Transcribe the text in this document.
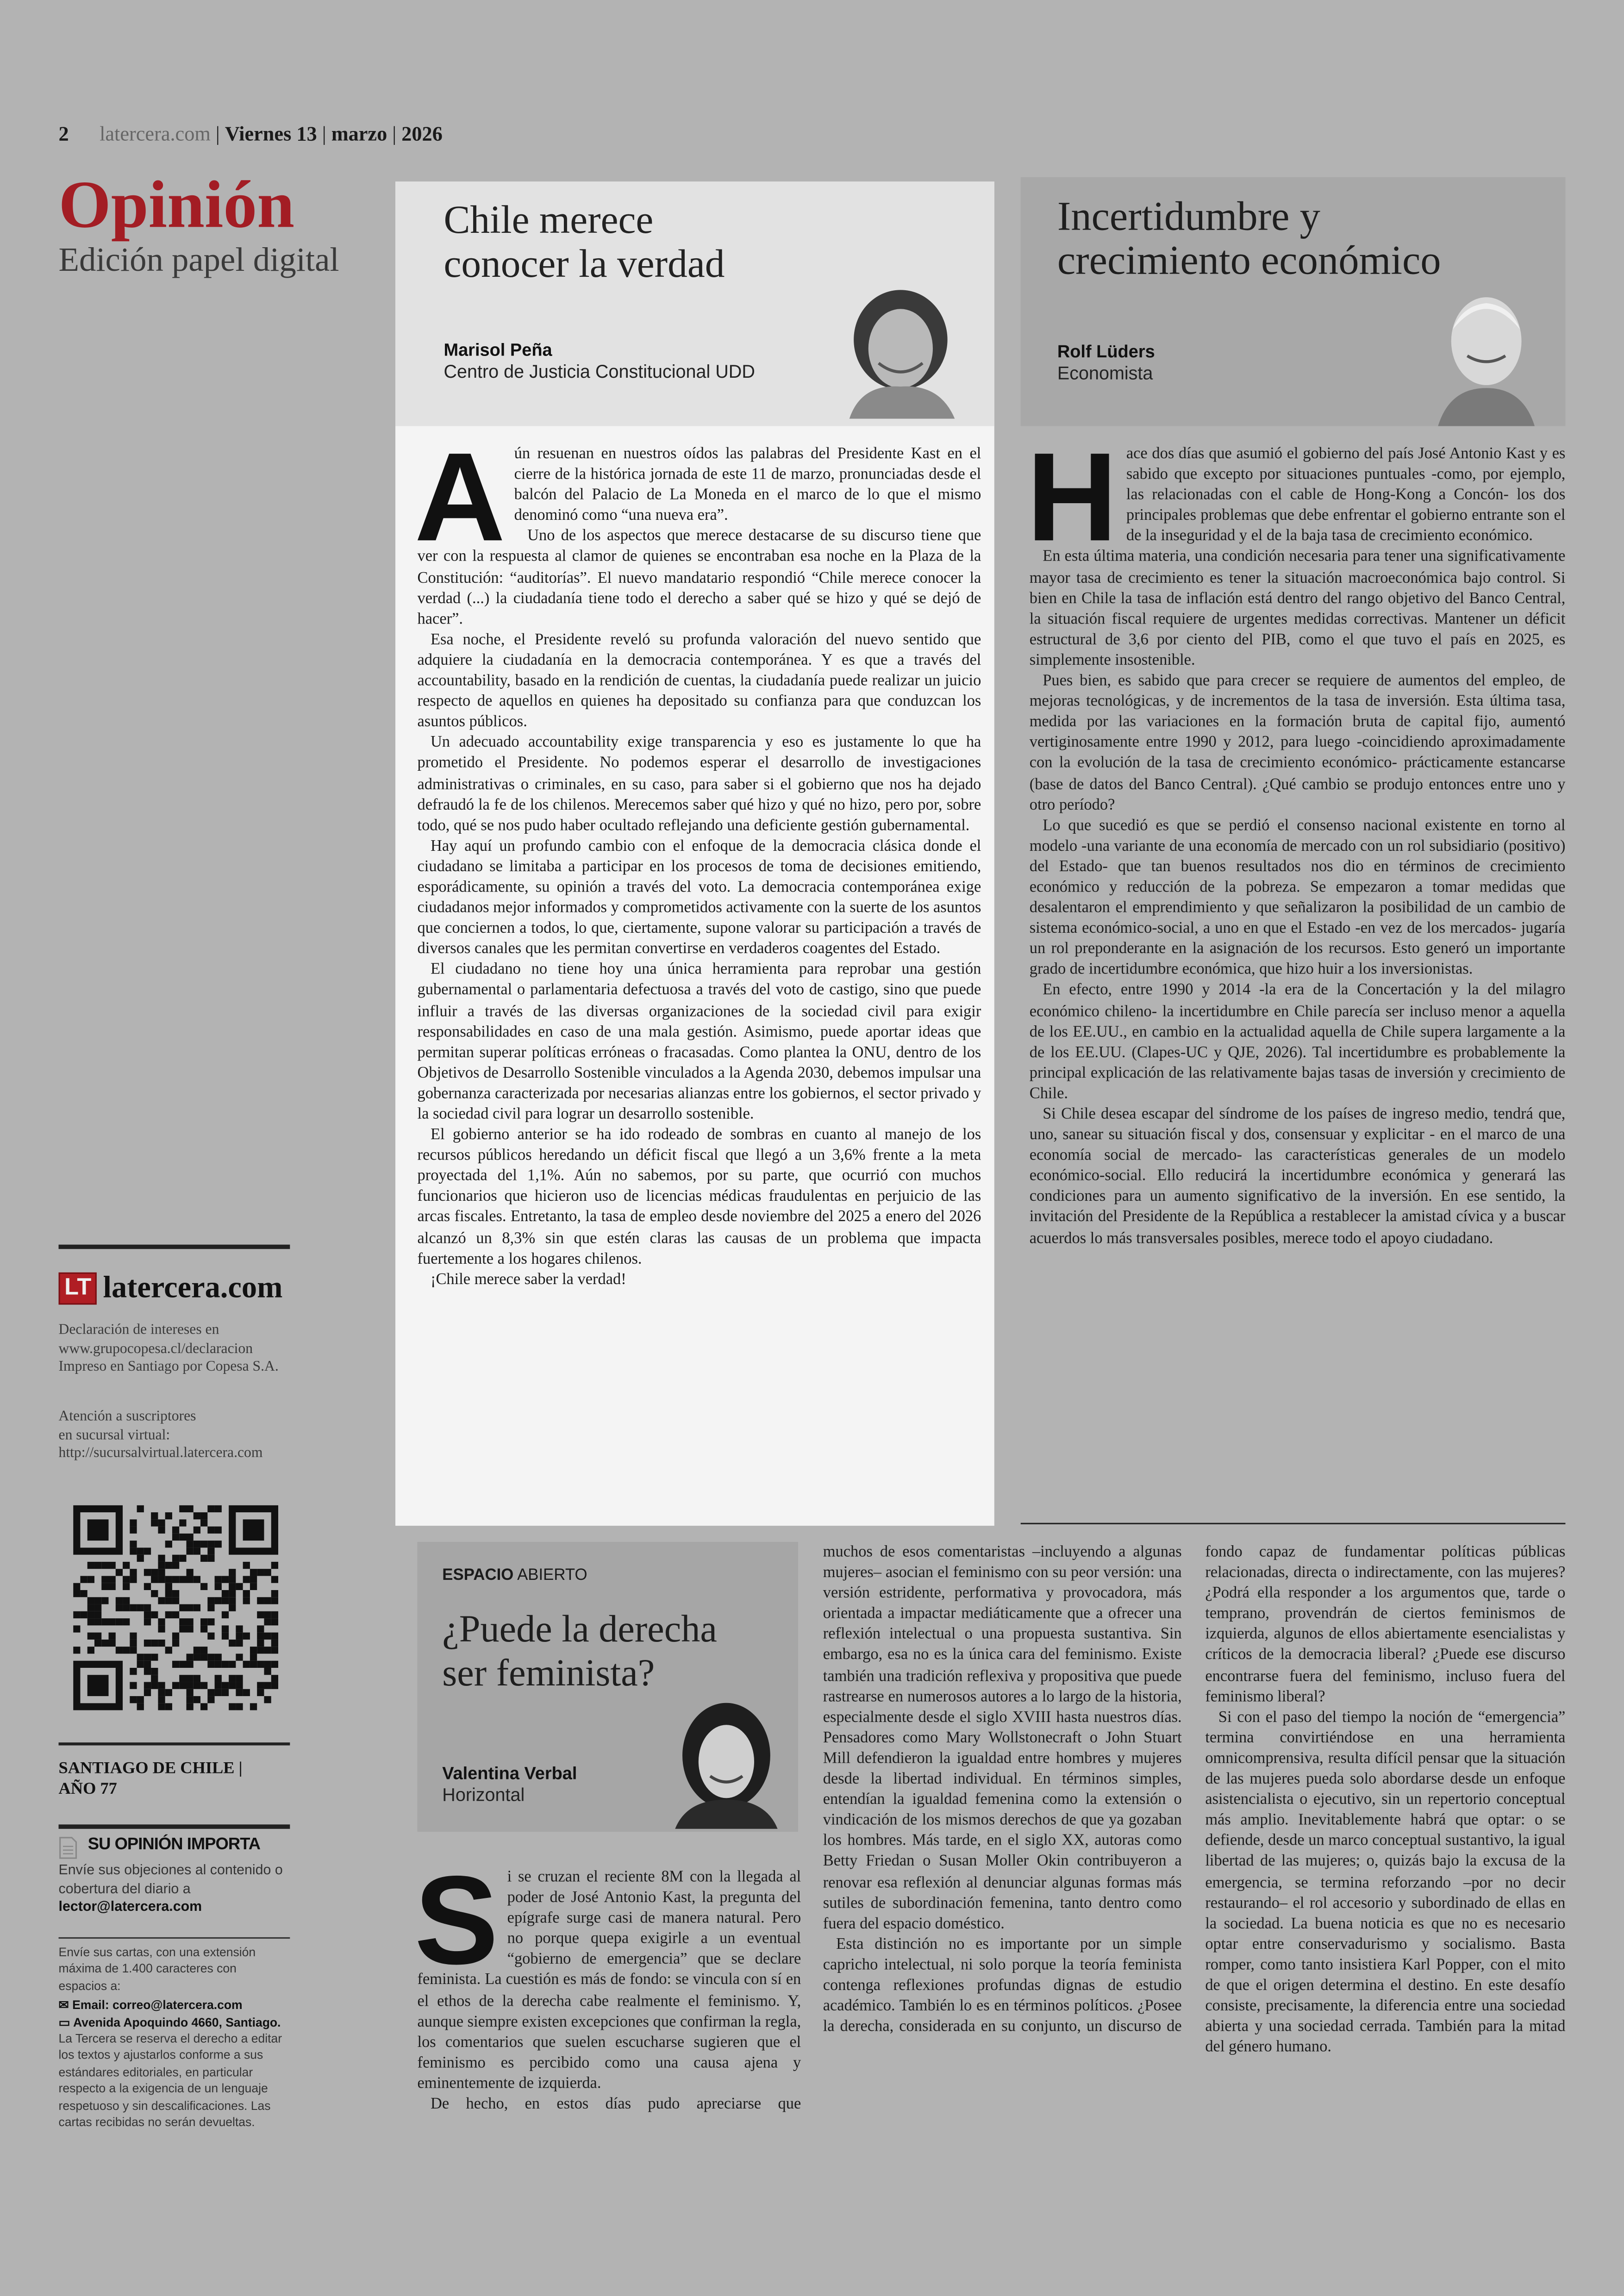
2	latercera.com | Viernes 13 | marzo | 2026
Opinión
Edición papel digital
Chile merece
conocer la verdad
Marisol Peña
Centro de Justicia Constitucional UDD
A	ún resuenan en nuestros oídos las palabras del Presidente Kast en el cierre de la histórica jornada de este 11 de marzo, pronunciadas desde el balcón del Palacio de La Moneda en el marco de lo que el mismo denominó como “una nueva era”.

Uno de los aspectos que merece destacarse de su discurso tiene que ver con la respuesta al clamor de quienes se encontraban esa noche en la Plaza de la Constitución: “auditorías”. El nuevo mandatario respondió “Chile merece conocer la verdad (...) la ciudadanía tiene todo el derecho a saber qué se hizo y qué se dejó de hacer”.

Esa noche, el Presidente reveló su profunda valoración del nuevo sentido que adquiere la ciudadanía en la democracia contemporánea. Y es que a través del accountability, basado en la rendición de cuentas, la ciudadanía puede realizar un juicio respecto de aquellos en quienes ha depositado su confianza para que conduzcan los asuntos públicos.

Un adecuado accountability exige transparencia y eso es justamente lo que ha prometido el Presidente. No podemos esperar el desarrollo de investigaciones administrativas o criminales, en su caso, para saber si el gobierno que nos ha dejado defraudó la fe de los chilenos. Merecemos saber qué hizo y qué no hizo, pero por, sobre todo, qué se nos pudo haber ocultado reflejando una deficiente gestión gubernamental.

Hay aquí un profundo cambio con el enfoque de la democracia clásica donde el ciudadano se limitaba a participar en los procesos de toma de decisiones emitiendo, esporádicamente, su opinión a través del voto. La democracia contemporánea exige ciudadanos mejor informados y comprometidos activamente con la suerte de los asuntos que conciernen a todos, lo que, ciertamente, supone valorar su participación a través de diversos canales que les permitan convertirse en verdaderos coagentes del Estado.

El ciudadano no tiene hoy una única herramienta para reprobar una gestión gubernamental o parlamentaria defectuosa a través del voto de castigo, sino que puede influir a través de las diversas organizaciones de la sociedad civil para exigir responsabilidades en caso de una mala gestión. Asimismo, puede aportar ideas que permitan superar políticas erróneas o fracasadas. Como plantea la ONU, dentro de los Objetivos de Desarrollo Sostenible vinculados a la Agenda 2030, debemos impulsar una gobernanza caracterizada por necesarias alianzas entre los gobiernos, el sector privado y la sociedad civil para lograr un desarrollo sostenible.

El gobierno anterior se ha ido rodeado de sombras en cuanto al manejo de los recursos públicos heredando un déficit fiscal que llegó a un 3,6% frente a la meta proyectada del 1,1%. Aún no sabemos, por su parte, que ocurrió con muchos funcionarios que hicieron uso de licencias médicas fraudulentas en perjuicio de las arcas fiscales. Entretanto, la tasa de empleo desde noviembre del 2025 a enero del 2026 alcanzó un 8,3% sin que estén claras las causas de un problema que impacta fuertemente a los hogares chilenos.

¡Chile merece saber la verdad!

Incertidumbre y
crecimiento económico
Rolf Lüders
Economista
H	ace dos días que asumió el gobierno del país José Antonio Kast y es sabido que excepto por situaciones puntuales -como, por ejemplo, las relacionadas con el cable de Hong-Kong a Concón- los dos principales problemas que debe enfrentar el gobierno entrante son el de la inseguridad y el de la baja tasa de crecimiento económico.

En esta última materia, una condición necesaria para tener una significativamente mayor tasa de crecimiento es tener la situación macroeconómica bajo control. Si bien en Chile la tasa de inflación está dentro del rango objetivo del Banco Central, la situación fiscal requiere de urgentes medidas correctivas. Mantener un déficit estructural de 3,6 por ciento del PIB, como el que tuvo el país en 2025, es simplemente insostenible.

Pues bien, es sabido que para crecer se requiere de aumentos del empleo, de mejoras tecnológicas, y de incrementos de la tasa de inversión. Esta última tasa, medida por las variaciones en la formación bruta de capital fijo, aumentó vertiginosamente entre 1990 y 2012, para luego -coincidiendo aproximadamente con la evolución de la tasa de crecimiento económico- prácticamente estancarse (base de datos del Banco Central). ¿Qué cambio se produjo entonces entre uno y otro período?

Lo que sucedió es que se perdió el consenso nacional existente en torno al modelo -una variante de una economía de mercado con un rol subsidiario (positivo) del Estado- que tan buenos resultados nos dio en términos de crecimiento económico y reducción de la pobreza. Se empezaron a tomar medidas que desalentaron el emprendimiento y que señalizaron la posibilidad de un cambio de sistema económico-social, a uno en que el Estado -en vez de los mercados- jugaría un rol preponderante en la asignación de los recursos. Esto generó un importante grado de incertidumbre económica, que hizo huir a los inversionistas.

En efecto, entre 1990 y 2014 -la era de la Concertación y la del milagro económico chileno- la incertidumbre en Chile parecía ser incluso menor a aquella de los EE.UU., en cambio en la actualidad aquella de Chile supera largamente a la de los EE.UU. (Clapes-UC y QJE, 2026). Tal incertidumbre es probablemente la principal explicación de las relativamente bajas tasas de inversión y crecimiento de Chile.

Si Chile desea escapar del síndrome de los países de ingreso medio, tendrá que, uno, sanear su situación fiscal y dos, consensuar y explicitar - en el marco de una economía social de mercado- las características generales de un modelo económico-social. Ello reducirá la incertidumbre económica y generará las condiciones para un aumento significativo de la inversión. En ese sentido, la invitación del Presidente de la República a restablecer la amistad cívica y a buscar acuerdos lo más transversales posibles, merece todo el apoyo ciudadano.

ESPACIO ABIERTO
¿Puede la derecha
ser feminista?
Valentina Verbal
Horizontal
S	i se cruzan el reciente 8M con la llegada al poder de José Antonio Kast, la pregunta del epígrafe surge casi de manera natural. Pero no porque quepa exigirle a un eventual “gobierno de emergencia” que se declare feminista. La cuestión es más de fondo: se vincula con sí en el ethos de la derecha cabe realmente el feminismo. Y, aunque siempre existen excepciones que confirman la regla, los comentarios que suelen escucharse sugieren que el feminismo es percibido como una causa ajena y eminentemente de izquierda.

De hecho, en estos días pudo apreciarse que

muchos de esos comentaristas –incluyendo a algunas mujeres– asocian el feminismo con su peor versión: una versión estridente, performativa y provocadora, más orientada a impactar mediáticamente que a ofrecer una reflexión intelectual o una propuesta sustantiva. Sin embargo, esa no es la única cara del feminismo. Existe también una tradición reflexiva y propositiva que puede rastrearse en numerosos autores a lo largo de la historia, especialmente desde el siglo XVIII hasta nuestros días. Pensadores como Mary Wollstonecraft o John Stuart Mill defendieron la igualdad entre hombres y mujeres desde la libertad individual. En términos simples, entendían la igualdad femenina como la extensión o vindicación de los mismos derechos de que ya gozaban los hombres. Más tarde, en el siglo XX, autoras como Betty Friedan o Susan Moller Okin contribuyeron a renovar esa reflexión al denunciar algunas formas más sutiles de subordinación femenina, tanto dentro como fuera del espacio doméstico.

Esta distinción no es importante por un simple capricho intelectual, ni solo porque la teoría feminista contenga reflexiones profundas dignas de estudio académico. También lo es en términos políticos. ¿Posee la derecha, considerada en su conjunto, un discurso de

fondo capaz de fundamentar políticas públicas relacionadas, directa o indirectamente, con las mujeres? ¿Podrá ella responder a los argumentos que, tarde o temprano, provendrán de ciertos feminismos de izquierda, algunos de ellos abiertamente esencialistas y críticos de la democracia liberal? ¿Puede ese discurso encontrarse fuera del feminismo, incluso fuera del feminismo liberal?

Si con el paso del tiempo la noción de “emergencia” termina convirtiéndose en una herramienta omnicomprensiva, resulta difícil pensar que la situación de las mujeres pueda solo abordarse desde un enfoque asistencialista o ejecutivo, sin un repertorio conceptual más amplio. Inevitablemente habrá que optar: o se defiende, desde un marco conceptual sustantivo, la igual libertad de las mujeres; o, quizás bajo la excusa de la emergencia, se termina reforzando –por no decir restaurando– el rol accesorio y subordinado de ellas en la sociedad. La buena noticia es que no es necesario optar entre conservadurismo y socialismo. Basta romper, como tanto insistiera Karl Popper, con el mito de que el origen determina el destino. En este desafío consiste, precisamente, la diferencia entre una sociedad abierta y una sociedad cerrada. También para la mitad del género humano.

LT	latercera.com
Declaración de intereses en
www.grupocopesa.cl/declaracion
Impreso en Santiago por Copesa S.A.
Atención a suscriptores
en sucursal virtual:
http://sucursalvirtual.latercera.com
SANTIAGO DE CHILE |
AÑO 77
SU OPINIÓN IMPORTA
Envíe sus objeciones al contenido o cobertura del diario a
lector@latercera.com
Envíe sus cartas, con una extensión máxima de 1.400 caracteres con espacios a:
✉ Email: correo@latercera.com
▭ Avenida Apoquindo 4660, Santiago.
La Tercera se reserva el derecho a editar los textos y ajustarlos conforme a sus estándares editoriales, en particular respecto a la exigencia de un lenguaje respetuoso y sin descalificaciones. Las cartas recibidas no serán devueltas.
